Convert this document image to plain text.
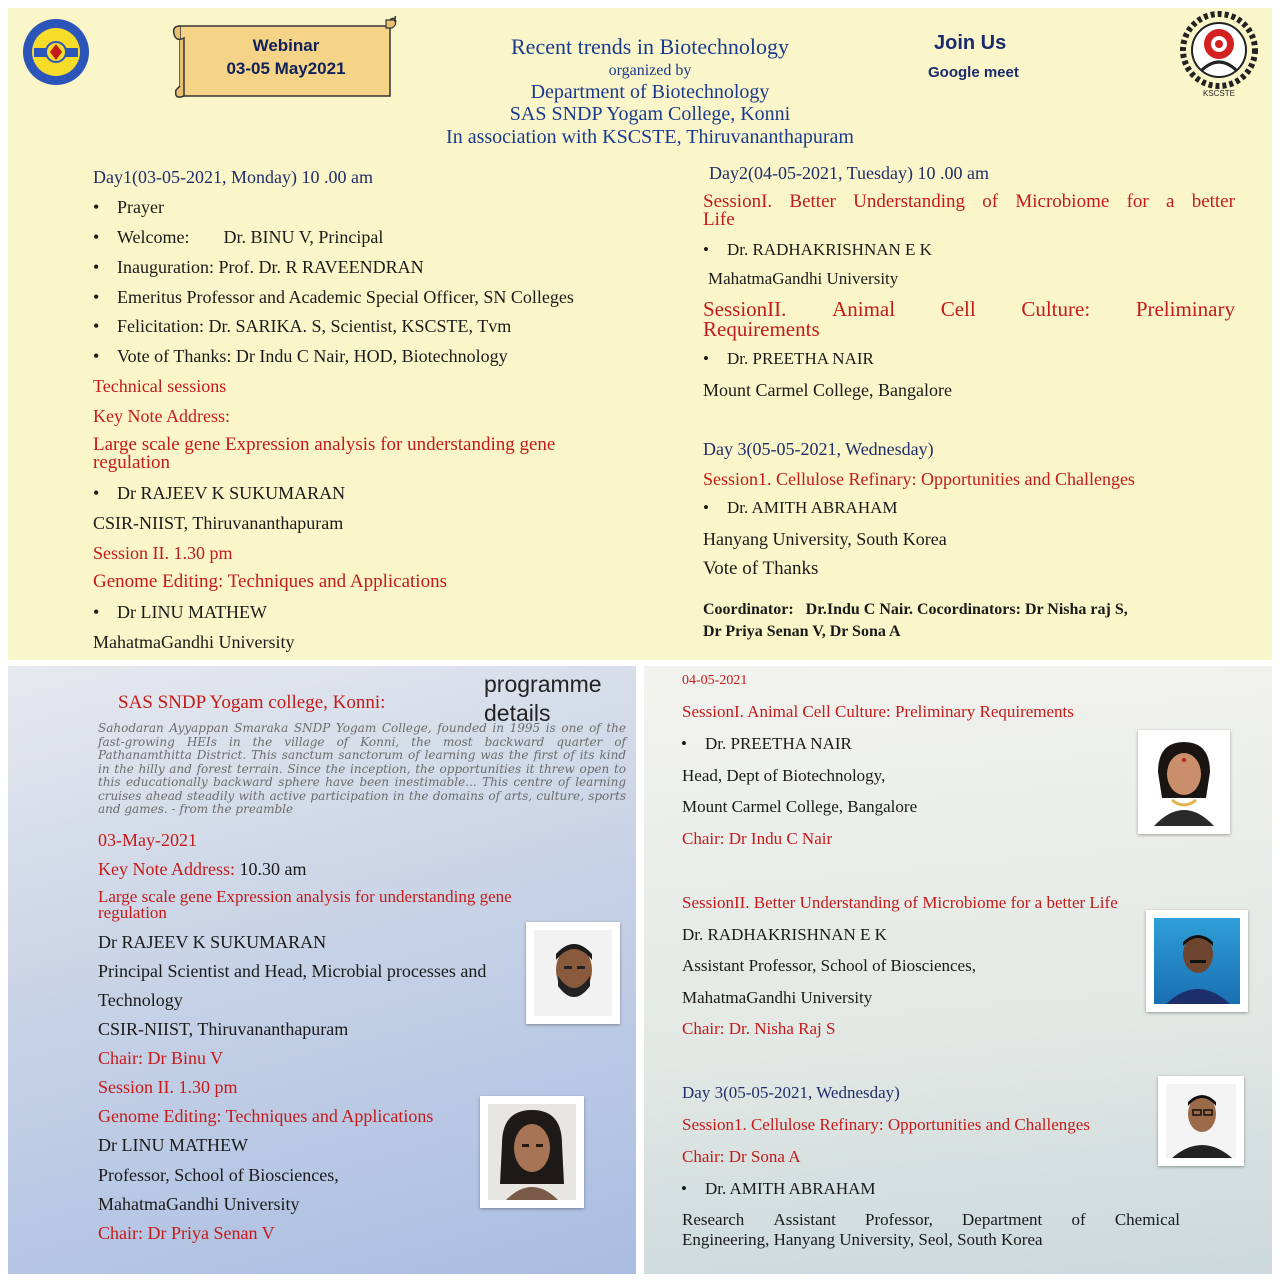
Webinar
03-05 May2021
Recent trends in Biotechnology
organized by
Department of Biotechnology
SAS SNDP Yogam College, Konni
In association with KSCSTE, Thiruvananthapuram
Join Us
Google meet
KSCSTE
Day1(03-05-2021, Monday) 10 .00 am
• Prayer
• Welcome: Dr. BINU V, Principal
• Inauguration: Prof. Dr. R RAVEENDRAN
• Emeritus Professor and Academic Special Officer, SN Colleges
• Felicitation: Dr. SARIKA. S, Scientist, KSCSTE, Tvm
• Vote of Thanks: Dr Indu C Nair, HOD, Biotechnology
Technical sessions
Key Note Address:
Large scale gene Expression analysis for understanding gene
regulation
• Dr RAJEEV K SUKUMARAN
CSIR-NIIST, Thiruvananthapuram
Session II. 1.30 pm
Genome Editing: Techniques and Applications
• Dr LINU MATHEW
MahatmaGandhi University
Day2(04-05-2021, Tuesday) 10 .00 am
SessionI. Better Understanding of Microbiome for a better
Life
• Dr. RADHAKRISHNAN E K
MahatmaGandhi University
SessionII. Animal Cell Culture: Preliminary
Requirements
• Dr. PREETHA NAIR
Mount Carmel College, Bangalore
Day 3(05-05-2021, Wednesday)
Session1. Cellulose Refinary: Opportunities and Challenges
• Dr. AMITH ABRAHAM
Hanyang University, South Korea
Vote of Thanks
Coordinator:   Dr.Indu C Nair. Cocordinators: Dr Nisha raj S,
Dr Priya Senan V, Dr Sona A
SAS SNDP Yogam college, Konni:
programme details
Sahodaran Ayyappan Smaraka SNDP Yogam College, founded in 1995 is one of the fast-growing HEIs in the village of Konni, the most backward quarter of Pathanamthitta District. This sanctum sanctorum of learning was the first of its kind in the hilly and forest terrain. Since the inception, the opportunities it threw open to this educationally backward sphere have been inestimable... This centre of learning cruises ahead steadily with active participation in the domains of arts, culture, sports and games. - from the preamble
03-May-2021
Key Note Address: 10.30 am
Large scale gene Expression analysis for understanding gene
regulation
Dr RAJEEV K SUKUMARAN
Principal Scientist and Head, Microbial processes and
Technology
CSIR-NIIST, Thiruvananthapuram
Chair: Dr Binu V
Session II. 1.30 pm
Genome Editing: Techniques and Applications
Dr LINU MATHEW
Professor, School of Biosciences,
MahatmaGandhi University
Chair: Dr Priya Senan V
04-05-2021
SessionI. Animal Cell Culture: Preliminary Requirements
• Dr. PREETHA NAIR
Head, Dept of Biotechnology,
Mount Carmel College, Bangalore
Chair: Dr Indu C Nair
SessionII. Better Understanding of Microbiome for a better Life
Dr. RADHAKRISHNAN E K
Assistant Professor, School of Biosciences,
MahatmaGandhi University
Chair: Dr. Nisha Raj S
Day 3(05-05-2021, Wednesday)
Session1. Cellulose Refinary: Opportunities and Challenges
Chair: Dr Sona A
• Dr. AMITH ABRAHAM
Research Assistant Professor, Department of Chemical
Engineering, Hanyang University, Seol, South Korea
